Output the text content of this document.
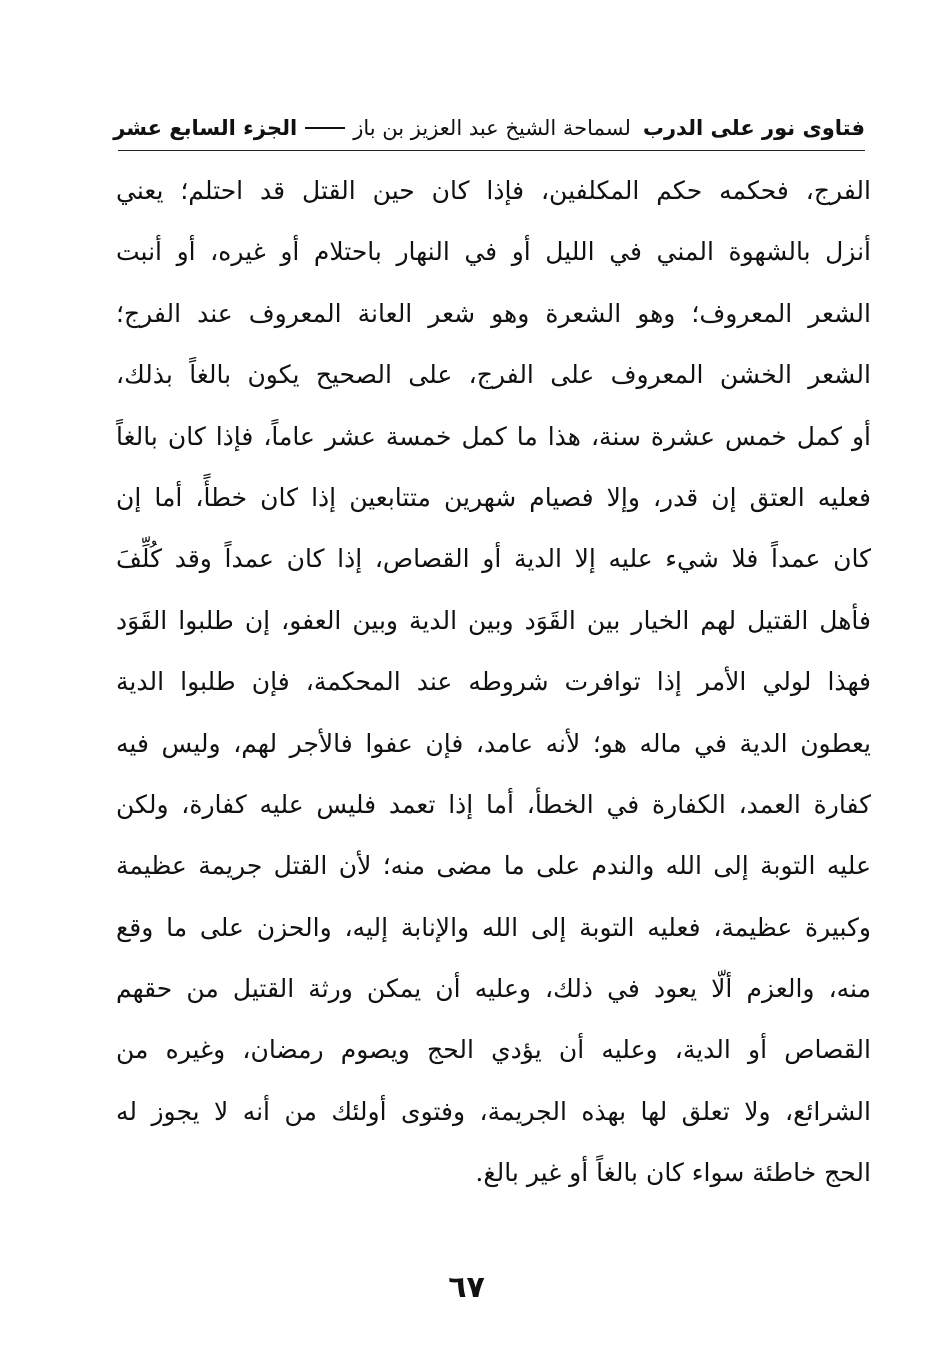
فتاوى نور على الدرب
لسماحة الشيخ عبد العزيز بن باز
الجزء السابع عشر
الفرج، فحكمه حكم المكلفين، فإذا كان حين القتل قد احتلم؛ يعني
أنزل بالشهوة المني في الليل أو في النهار باحتلام أو غيره، أو أنبت
الشعر المعروف؛ وهو الشعرة وهو شعر العانة المعروف عند الفرج؛
الشعر الخشن المعروف على الفرج، على الصحيح يكون بالغاً بذلك،
أو كمل خمس عشرة سنة، هذا ما كمل خمسة عشر عاماً، فإذا كان بالغاً
فعليه العتق إن قدر، وإلا فصيام شهرين متتابعين إذا كان خطأً، أما إن
كان عمداً فلا شيء عليه إلا الدية أو القصاص، إذا كان عمداً وقد كُلِّفَ
فأهل القتيل لهم الخيار بين القَوَد وبين الدية وبين العفو، إن طلبوا القَوَد
فهذا لولي الأمر إذا توافرت شروطه عند المحكمة، فإن طلبوا الدية
يعطون الدية في ماله هو؛ لأنه عامد، فإن عفوا فالأجر لهم، وليس فيه
كفارة العمد، الكفارة في الخطأ، أما إذا تعمد فليس عليه كفارة، ولكن
عليه التوبة إلى الله والندم على ما مضى منه؛ لأن القتل جريمة عظيمة
وكبيرة عظيمة، فعليه التوبة إلى الله والإنابة إليه، والحزن على ما وقع
منه، والعزم ألّا يعود في ذلك، وعليه أن يمكن ورثة القتيل من حقهم
القصاص أو الدية، وعليه أن يؤدي الحج ويصوم رمضان، وغيره من
الشرائع، ولا تعلق لها بهذه الجريمة، وفتوى أولئك من أنه لا يجوز له
الحج خاطئة سواء كان بالغاً أو غير بالغ.
٦٧
